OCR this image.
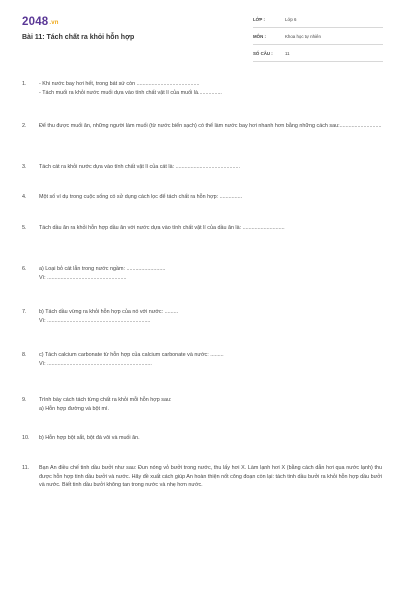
2048.vn
Bài 11: Tách chất ra khỏi hỗn hợp
LỚP :	Lớp 6
MÔN :	Khoa học tự nhiên
SỐ CÂU :	11
1. - Khi nước bay hơi hết, trong bát sứ còn ..........................................
- Tách muối ra khỏi nước muối dựa vào tính chất vật lí của muối là................
2. Để thu được muối ăn, những người làm muối (từ nước biển sạch) có thể làm nước bay hơi nhanh hơn bằng những cách sau:............................
3. Tách cát ra khỏi nước dựa vào tính chất vật lí của cát là: ...........................................
4. Một số ví dụ trong cuộc sống có sử dụng cách lọc để tách chất ra hỗn hợp: ...............
5. Tách dầu ăn ra khỏi hỗn hợp dầu ăn với nước dựa vào tính chất vật lí của dầu ăn là: ............................
6. a) Loại bỏ cát lẫn trong nước ngầm: ..........................
Vì: .....................................................
7. b) Tách dầu vừng ra khỏi hỗn hợp của nó với nước: .........
Vì: .....................................................................
8. c) Tách calcium carbonate từ hỗn hợp của calcium carbonate và nước: .........
Vì: ......................................................................
9. Trình bày cách tách từng chất ra khỏi mỗi hỗn hợp sau:
a) Hỗn hợp đường và bột mì.
10. b) Hỗn hợp bột sắt, bột đá vôi và muối ăn.
11. Bạn An điều chế tinh dầu bưởi như sau: Đun nóng vỏ bưởi trong nước, thu lấy hơi X. Làm lạnh hơi X (bằng cách dẫn hơi qua nước lạnh) thu được hỗn hợp tinh dầu bưởi và nước. Hãy đề xuất cách giúp An hoàn thiện nốt công đoạn còn lại: tách tinh dầu bưởi ra khỏi hỗn hợp dầu bưởi và nước. Biết tinh dầu bưởi không tan trong nước và nhẹ hơn nước.
